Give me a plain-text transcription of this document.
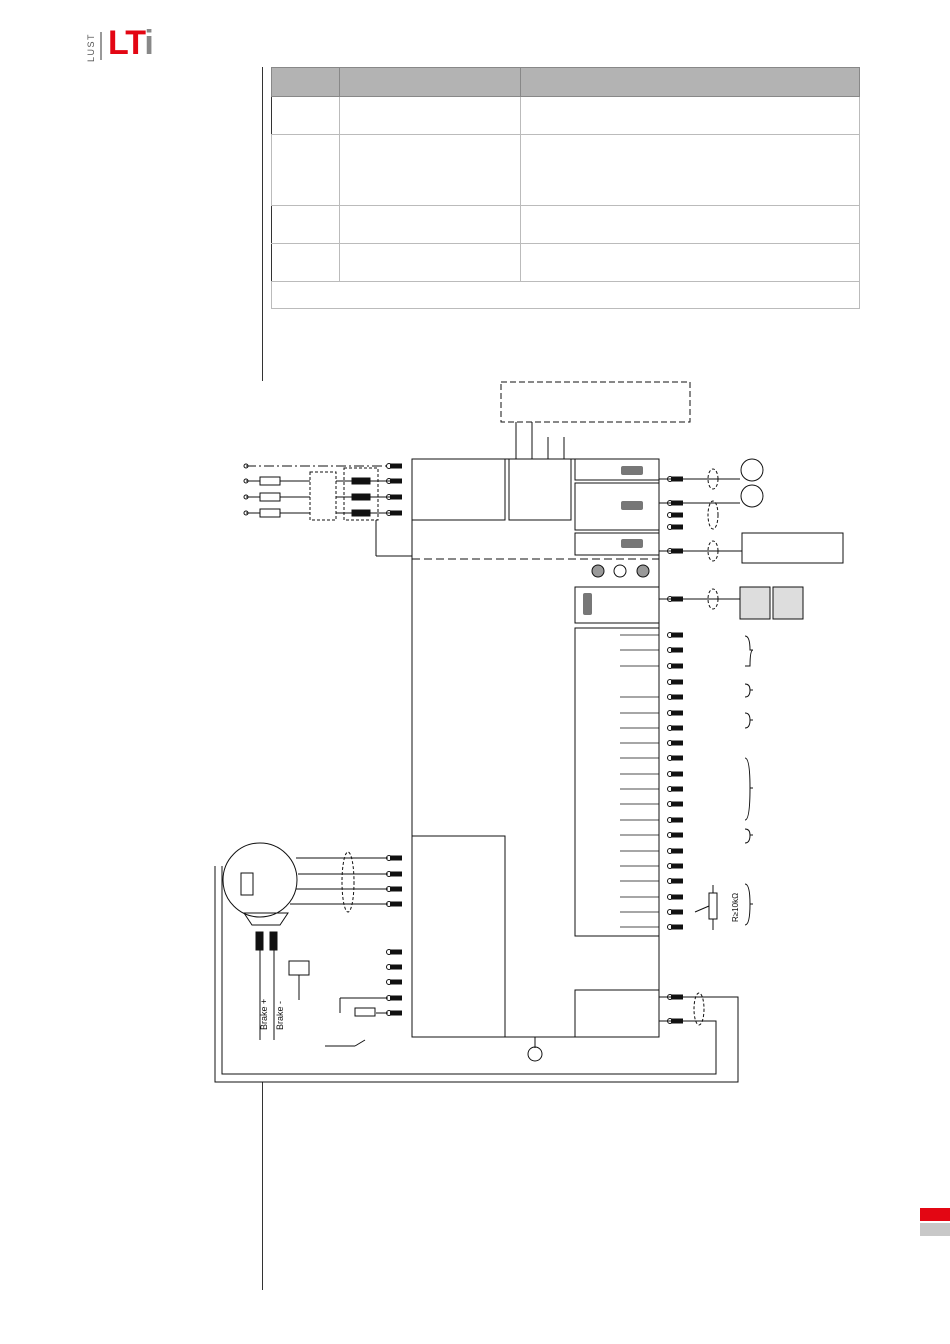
LUST LTi

Brake + Brake -
R≥10kΩ
